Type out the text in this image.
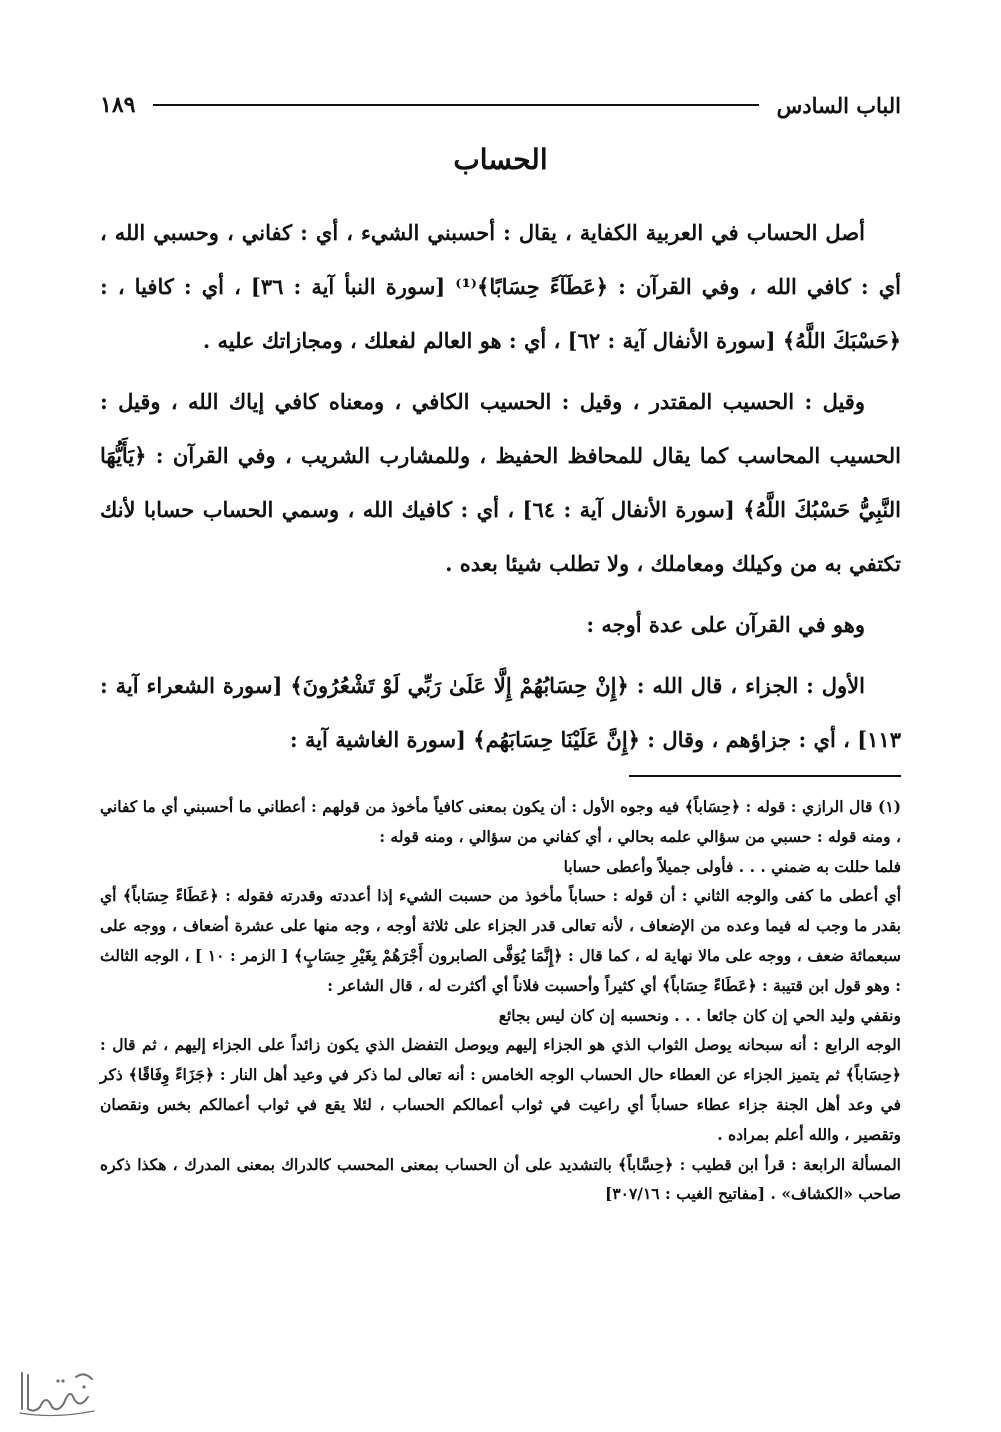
الباب السادس
١٨٩
الحساب

أصل الحساب في العربية الكفاية ، يقال : أحسبني الشيء ، أي : كفاني ، وحسبي الله ، أي : كافي الله ، وفي القرآن : ﴿عَطَآءً حِسَابًا﴾⁽¹⁾ [سورة النبأ آية : ٣٦] ، أي : كافيا ، : ﴿حَسْبَكَ اللَّهُ﴾ [سورة الأنفال آية : ٦٢] ، أي : هو العالم لفعلك ، ومجازاتك عليه .

وقيل : الحسيب المقتدر ، وقيل : الحسيب الكافي ، ومعناه كافي إياك الله ، وقيل : الحسيب المحاسب كما يقال للمحافظ الحفيظ ، وللمشارب الشريب ، وفي القرآن : ﴿يَأَيُّهَا النَّبِيُّ حَسْبُكَ اللَّهُ﴾ [سورة الأنفال آية : ٦٤] ، أي : كافيك الله ، وسمي الحساب حسابا لأنك تكتفي به من وكيلك ومعاملك ، ولا تطلب شيئا بعده .

وهو في القرآن على عدة أوجه :

الأول : الجزاء ، قال الله : ﴿إِنْ حِسَابُهُمْ إِلَّا عَلَىٰ رَبِّي لَوْ تَشْعُرُونَ﴾ [سورة الشعراء آية : ١١٣] ، أي : جزاؤهم ، وقال : ﴿إِنَّ عَلَيْنَا حِسَابَهُم﴾ [سورة الغاشية آية :

(١) قال الرازي : قوله : ﴿حِسَاباً﴾ فيه وجوه الأول : أن يكون بمعنى كافياً مأخوذ من قولهم : أعطاني ما أحسبني أي ما كفاني ، ومنه قوله : حسبي من سؤالي علمه بحالي ، أي كفاني من سؤالي ، ومنه قوله :

فلما حللت به ضمني . . . فأولى جميلاً وأعطى حسابا

أي أعطى ما كفى والوجه الثاني : أن قوله : حساباً مأخوذ من حسبت الشيء إذا أعددته وقدرته فقوله : ﴿عَطَاءً حِسَاباً﴾ أي بقدر ما وجب له فيما وعده من الإضعاف ، لأنه تعالى قدر الجزاء على ثلاثة أوجه ، وجه منها على عشرة أضعاف ، ووجه على سبعمائة ضعف ، ووجه على مالا نهاية له ، كما قال : ﴿إِنَّمَا يُوَفَّى الصابرون أَجْرَهُمْ بِغَيْرِ حِسَابٍ﴾ [ الزمر : ١٠ ] ، الوجه الثالث : وهو قول ابن قتيبة : ﴿عَطَاءً حِسَاباً﴾ أي كثيراً وأحسبت فلاناً أي أكثرت له ، قال الشاعر :

ونقفي وليد الحي إن كان جائعا . . . ونحسبه إن كان ليس بجائع

الوجه الرابع : أنه سبحانه يوصل الثواب الذي هو الجزاء إليهم ويوصل التفضل الذي يكون زائداً على الجزاء إليهم ، ثم قال : ﴿حِسَاباً﴾ ثم يتميز الجزاء عن العطاء حال الحساب الوجه الخامس : أنه تعالى لما ذكر في وعيد أهل النار : ﴿جَزَاءً وِفَاقًا﴾ ذكر في وعد أهل الجنة جزاء عطاء حساباً أي راعيت في ثواب أعمالكم الحساب ، لئلا يقع في ثواب أعمالكم بخس ونقصان وتقصير ، والله أعلم بمراده .

المسألة الرابعة : قرأ ابن قطيب : ﴿حِسَّاباً﴾ بالتشديد على أن الحساب بمعنى المحسب كالدراك بمعنى المدرك ، هكذا ذكره صاحب «الكشاف» . [مفاتيح الغيب : ٣٠٧/١٦]
